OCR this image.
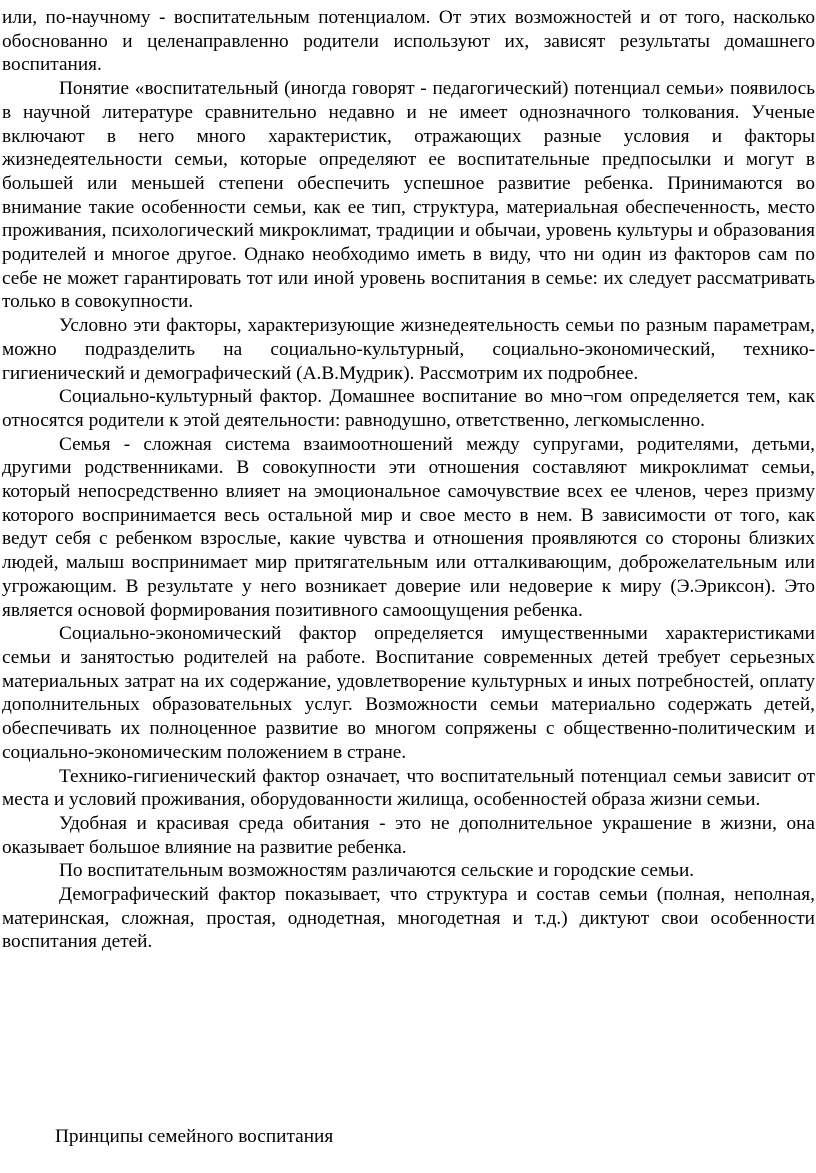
или, по-научному - воспитательным потенциалом. От этих возможностей и от того, насколько обоснованно и целенаправленно родители используют их, зависят результаты домашнего воспитания.

Понятие «воспитательный (иногда говорят - педагогический) потенциал семьи» появилось в научной литературе сравнительно недавно и не имеет однозначного толкования. Ученые включают в него много характеристик, отражающих разные условия и факторы жизнедеятельности семьи, которые определяют ее воспитательные предпосылки и могут в большей или меньшей степени обеспечить успешное развитие ребенка. Принимаются во внимание такие особенности семьи, как ее тип, структура, материальная обеспеченность, место проживания, психологический микроклимат, традиции и обычаи, уровень культуры и образования родителей и многое другое. Однако необходимо иметь в виду, что ни один из факторов сам по себе не может гарантировать тот или иной уровень воспитания в семье: их следует рассматривать только в совокупности.

Условно эти факторы, характеризующие жизнедеятельность семьи по разным параметрам, можно подразделить на социально-культурный, социально-экономический, технико-гигиенический и демографический (А.В.Мудрик). Рассмотрим их подробнее.

Социально-культурный фактор. Домашнее воспитание во мно¬гом определяется тем, как относятся родители к этой деятельности: равнодушно, ответственно, легкомысленно.

Семья - сложная система взаимоотношений между супругами, родителями, детьми, другими родственниками. В совокупности эти отношения составляют микроклимат семьи, который непосредственно влияет на эмоциональное самочувствие всех ее членов, через призму которого воспринимается весь остальной мир и свое место в нем. В зависимости от того, как ведут себя с ребенком взрослые, какие чувства и отношения проявляются со стороны близких людей, малыш воспринимает мир притягательным или отталкивающим, доброжелательным или угрожающим. В результате у него возникает доверие или недоверие к миру (Э.Эриксон). Это является основой формирования позитивного самоощущения ребенка.

Социально-экономический фактор определяется имущественными характеристиками семьи и занятостью родителей на работе. Воспитание современных детей требует серьезных материальных затрат на их содержание, удовлетворение культурных и иных потребностей, оплату дополнительных образовательных услуг. Возможности семьи материально содержать детей, обеспечивать их полноценное развитие во многом сопряжены с общественно-политическим и социально-экономическим положением в стране.

Технико-гигиенический фактор означает, что воспитательный потенциал семьи зависит от места и условий проживания, оборудованности жилища, особенностей образа жизни семьи.

Удобная и красивая среда обитания - это не дополнительное украшение в жизни, она оказывает большое влияние на развитие ребенка.

По воспитательным возможностям различаются сельские и городские семьи.

Демографический фактор показывает, что структура и состав семьи (полная, неполная, материнская, сложная, простая, однодетная, многодетная и т.д.) диктуют свои особенности воспитания детей.

Принципы семейного воспитания
